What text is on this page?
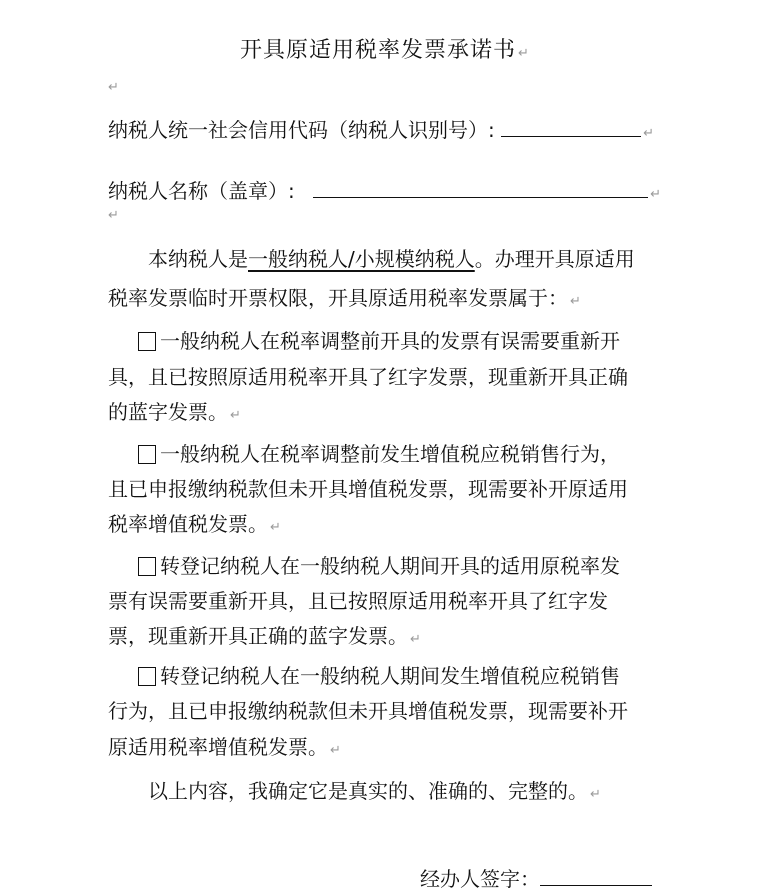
开具原适用税率发票承诺书 ↵
↵
纳税人统一社会信用代码（纳税人识别号）:	↵
纳税人名称（盖章）:	↵
↵
本纳税人是一般纳税人/小规模纳税人。办理开具原适用
税率发票临时开票权限，开具原适用税率发票属于： ↵
一般纳税人在税率调整前开具的发票有误需要重新开
具，且已按照原适用税率开具了红字发票，现重新开具正确
的蓝字发票。 ↵
一般纳税人在税率调整前发生增值税应税销售行为，
且已申报缴纳税款但未开具增值税发票，现需要补开原适用
税率增值税发票。 ↵
转登记纳税人在一般纳税人期间开具的适用原税率发
票有误需要重新开具，且已按照原适用税率开具了红字发
票，现重新开具正确的蓝字发票。 ↵
转登记纳税人在一般纳税人期间发生增值税应税销售
行为，且已申报缴纳税款但未开具增值税发票，现需要补开
原适用税率增值税发票。 ↵
以上内容，我确定它是真实的、准确的、完整的。 ↵
经办人签字：
